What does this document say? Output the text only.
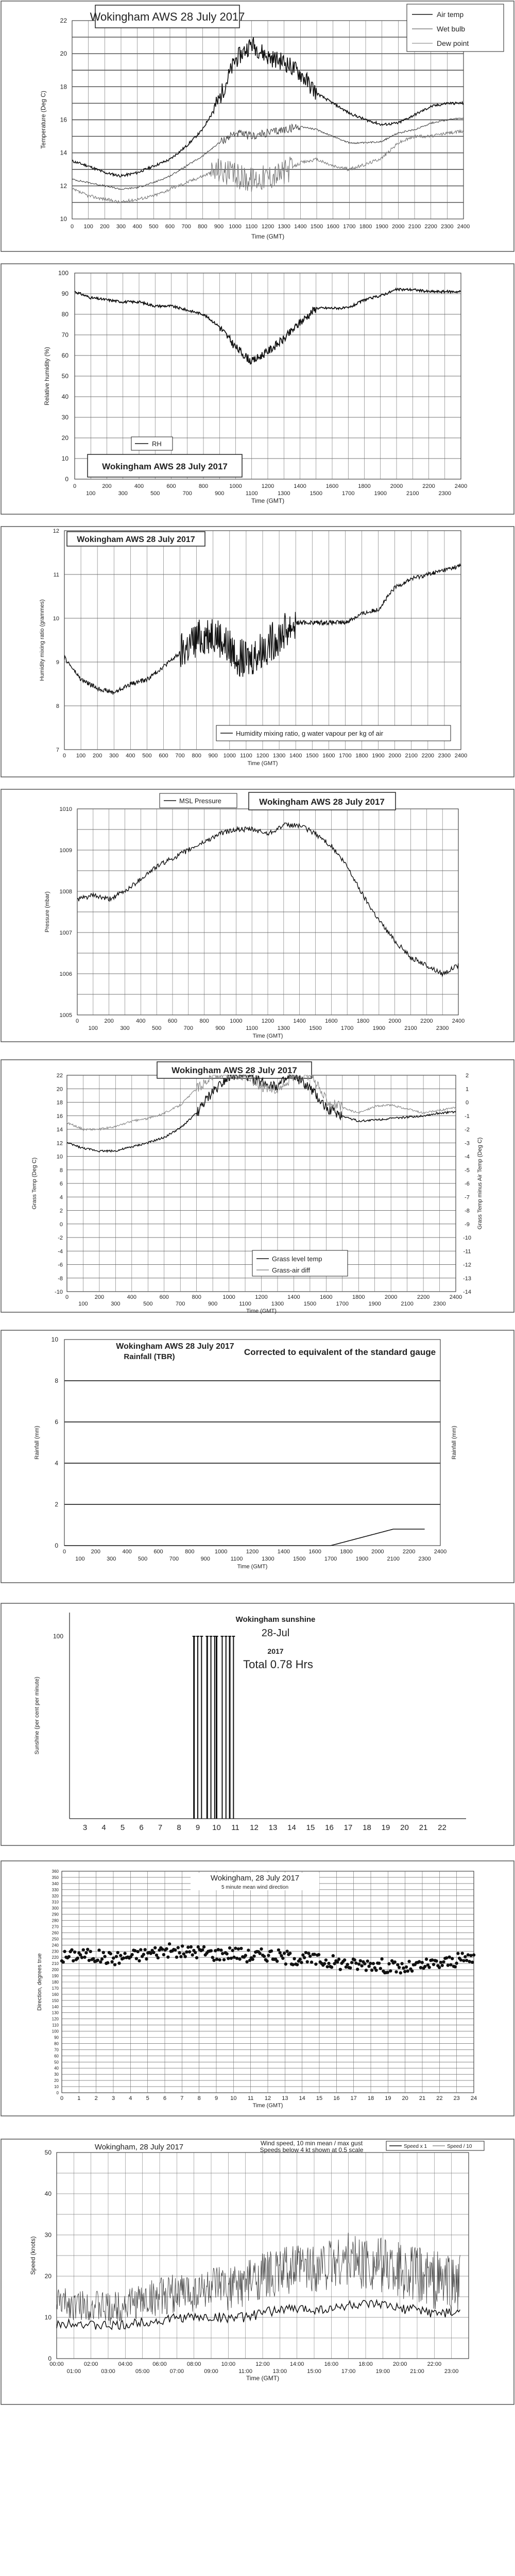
10
12
14
16
18
20
22
0 100 200 300 400 500 600 700 800 900 1000 1100 1200 1300 1400 1500 1600 1700 1800 1900 2000 2100 2200 2300 2400
Time (GMT)
Temperature (Deg C)
Wokingham AWS 28 July 2017	Air temp
Wet bulb
Dew point
0
10
20
30
40
50
60
70
80
90
100
0	200	400	600	800	1000	1200	1400	1600	1800	2000	2200	2400
100	300	500	700	900	1100	1300	1500	1700	1900	2100	2300
Time (GMT)
Relative humidity (%)
RH
Wokingham AWS 28 July 2017
7
8
9
10
11
12
0	200	400	600	800	1000	1200	1400	1600	1800	2000	2200	2400
100	300	500	700	900	1100	1300	1500	1700	1900	2100	2300
Time (GMT)
Humidity mixing ratio (grammes)
Wokingham AWS 28 July 2017
Humidity mixing ratio, g water vapour per kg of air
1005
1006
1007
1008
1009
1010
0	200	400	600	800	1000	1200	1400	1600	1800	2000	2200	2400
100	300	500	700	900	1100	1300	1500	1700	1900	2100	2300
Time (GMT)
Pressure (mbar)
MSL Pressure	Wokingham AWS 28 July 2017
22
20
18
16
14
12
10
8
6
4
2
0
-2
-4
-6
-8
-10
2
1
0
-1
-2
-3
-4
-5
-6
-7
-8
-9
-10
-11
-12
-13
-14
0	200	400	600	800	1000	1200	1400	1600	1800	2000	2200	2400
100	300	500	700	900	1100	1300	1500	1700	1900	2100	2300
Time (GMT)
Grass Temp (Deg C)	Grass Temp minus Air Temp (Deg C)
Wokingham AWS 28 July 2017
Grass level temp
Grass-air diff
0
2
4
6
8
10
0	200	400	600	800	1000	1200	1400	1600	1800	2000	2200	2400
100	300	500	700	900	1100	1300	1500	1700	1900	2100	2300
Time (GMT)
Rainfall (mm)	Rainfall (mm)
Wokingham AWS 28 July 2017
Rainfall (TBR)	Corrected to equivalent of the standard gauge
Sunshine (per cent per minute)
100
3 4 5 6 7 8 9 10 11 12 13 14 15 16 17 18 19 20 21 22
Wokingham sunshine
28-Jul
2017
Total 0.78 Hrs
0
10
20
30
40
50
60
70
80
90
100
110
120
130
140
150
160
170
180
190
200
210
220
230
240
250
260
270
280
290
300
310
320
330
340
350
360
0 1 2 3 4 5 6 7 8 9 10 11 12 13 14 15 16 17 18 19 20 21 22 23 24
Time (GMT)
Direction, degrees true
Wokingham, 28 July 2017
5 minute mean wind direction
0
10
20
30
40
50
00:00	02:00	04:00	06:00	08:00	10:00	12:00	14:00	16:00	18:00	20:00	22:00
01:00	03:00	05:00	07:00	09:00	11:00	13:00	15:00	17:00	19:00	21:00	23:00
Time (GMT)
Speed (knots)
Wokingham, 28 July 2017	Wind speed, 10 min mean / max gust
Speeds below 4 kt shown at 0.5 scale	Speed x 1	Speed / 10
